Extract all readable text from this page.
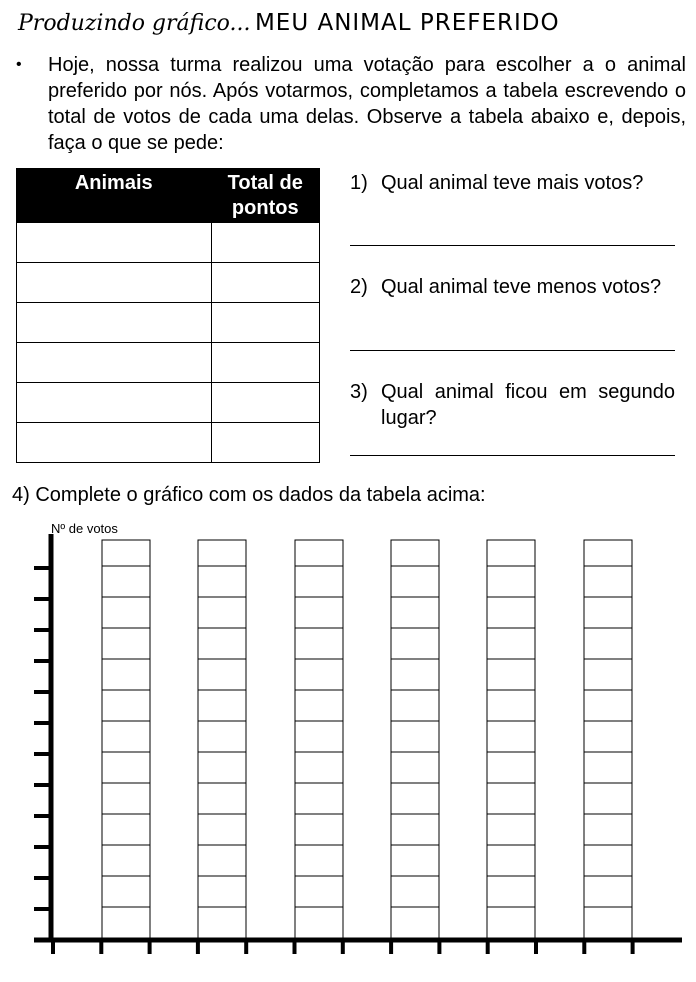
Produzindo gráfico... MEU ANIMAL PREFERIDO
•	Hoje, nossa turma realizou uma votação para escolher a o animal preferido por nós. Após votarmos, completamos a tabela escrevendo o total de votos de cada uma delas. Observe a tabela abaixo e, depois, faça o que se pede:
Animais	Total de pontos

1) Qual animal teve mais votos?
2) Qual animal teve menos votos?
3) Qual animal ficou em segundo lugar?
4) Complete o gráfico com os dados da tabela acima:
Nº de votos
